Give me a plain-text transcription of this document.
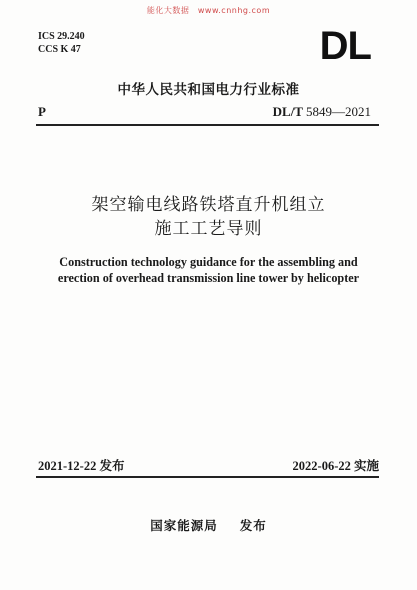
能化大数据　www.cnnhg.com
ICS 29.240
CCS K 47	DL
中华人民共和国电力行业标准
P	DL/T 5849—2021
架空输电线路铁塔直升机组立
施工工艺导则
Construction technology guidance for the assembling and
erection of overhead transmission line tower by helicopter
2021-12-22 发布	2022-06-22 实施
国家能源局 发布
